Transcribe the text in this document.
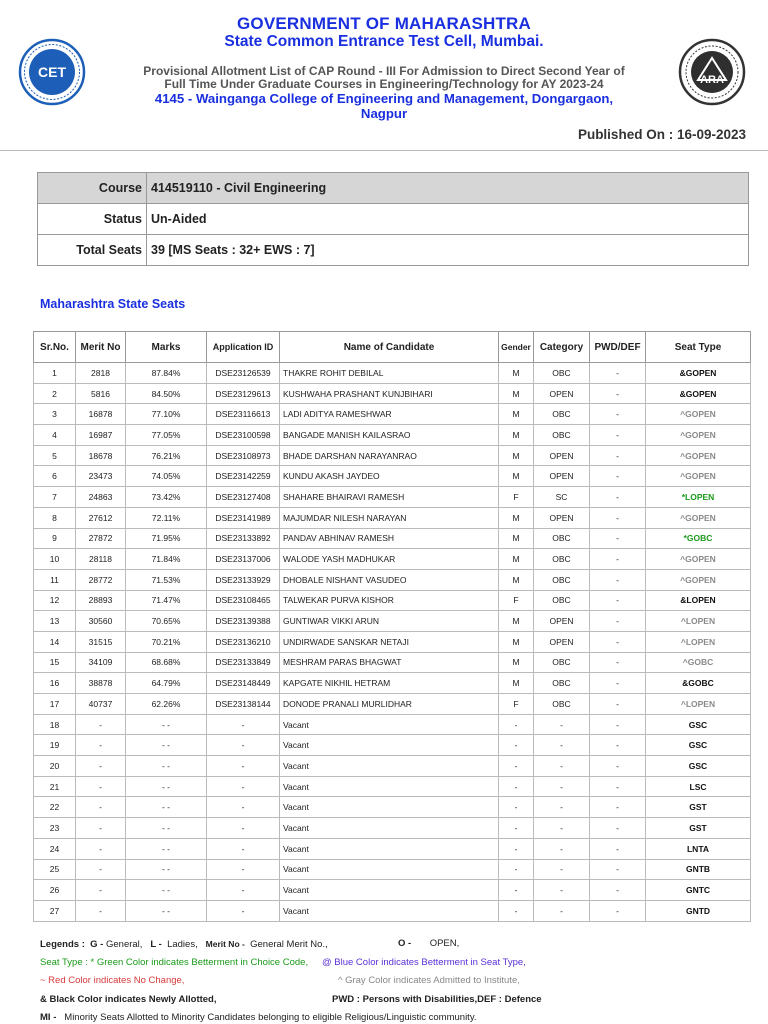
CET
GOVERNMENT OF MAHARASHTRA
State Common Entrance Test Cell, Mumbai.
Provisional Allotment List of CAP Round - III For Admission to Direct Second Year of
Full Time Under Graduate Courses in Engineering/Technology for AY 2023-24
4145 - Wainganga College of Engineering and Management, Dongargaon,
Nagpur
ARA
Published On : 16-09-2023
Course	414519110 - Civil Engineering
Status	Un-Aided
Total Seats	39 [MS Seats : 32+ EWS : 7]
Maharashtra State Seats
Sr.No.	Merit No	Marks	Application ID	Name of Candidate	Gender	Category	PWD/DEF	Seat Type
1	2818	87.84%	DSE23126539	THAKRE ROHIT DEBILAL	M	OBC	-	&GOPEN
2	5816	84.50%	DSE23129613	KUSHWAHA PRASHANT KUNJBIHARI	M	OPEN	-	&GOPEN
3	16878	77.10%	DSE23116613	LADI ADITYA RAMESHWAR	M	OBC	-	^GOPEN
4	16987	77.05%	DSE23100598	BANGADE MANISH KAILASRAO	M	OBC	-	^GOPEN
5	18678	76.21%	DSE23108973	BHADE DARSHAN NARAYANRAO	M	OPEN	-	^GOPEN
6	23473	74.05%	DSE23142259	KUNDU AKASH JAYDEO	M	OPEN	-	^GOPEN
7	24863	73.42%	DSE23127408	SHAHARE BHAIRAVI RAMESH	F	SC	-	*LOPEN
8	27612	72.11%	DSE23141989	MAJUMDAR NILESH NARAYAN	M	OPEN	-	^GOPEN
9	27872	71.95%	DSE23133892	PANDAV ABHINAV RAMESH	M	OBC	-	*GOBC
10	28118	71.84%	DSE23137006	WALODE YASH MADHUKAR	M	OBC	-	^GOPEN
11	28772	71.53%	DSE23133929	DHOBALE NISHANT VASUDEO	M	OBC	-	^GOPEN
12	28893	71.47%	DSE23108465	TALWEKAR PURVA KISHOR	F	OBC	-	&LOPEN
13	30560	70.65%	DSE23139388	GUNTIWAR VIKKI ARUN	M	OPEN	-	^LOPEN
14	31515	70.21%	DSE23136210	UNDIRWADE SANSKAR NETAJI	M	OPEN	-	^LOPEN
15	34109	68.68%	DSE23133849	MESHRAM PARAS BHAGWAT	M	OBC	-	^GOBC
16	38878	64.79%	DSE23148449	KAPGATE NIKHIL HETRAM	M	OBC	-	&GOBC
17	40737	62.26%	DSE23138144	DONODE PRANALI MURLIDHAR	F	OBC	-	^LOPEN
18	-	- -	-	Vacant	-	-	-	GSC
19	-	- -	-	Vacant	-	-	-	GSC
20	-	- -	-	Vacant	-	-	-	GSC
21	-	- -	-	Vacant	-	-	-	LSC
22	-	- -	-	Vacant	-	-	-	GST
23	-	- -	-	Vacant	-	-	-	GST
24	-	- -	-	Vacant	-	-	-	LNTA
25	-	- -	-	Vacant	-	-	-	GNTB
26	-	- -	-	Vacant	-	-	-	GNTC
27	-	- -	-	Vacant	-	-	-	GNTD
Legends : G - General, L - Ladies, Merit No - General Merit No.,	O - OPEN,
Seat Type : * Green Color indicates Betterment in Choice Code, @ Blue Color indicates Betterment in Seat Type,
~ Red Color indicates No Change,	^ Gray Color indicates Admitted to Institute,
& Black Color indicates Newly Allotted,	PWD : Persons with Disabilities,DEF : Defence
MI - Minority Seats Allotted to Minority Candidates belonging to eligible Religious/Linguistic community.
